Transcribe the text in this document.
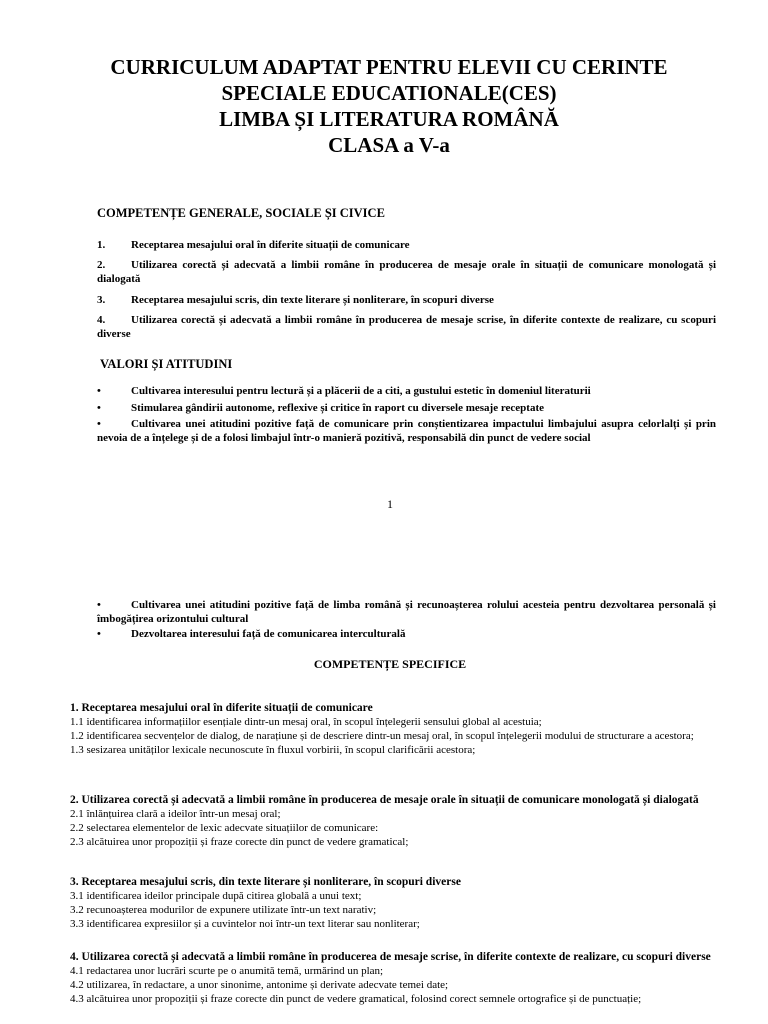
CURRICULUM ADAPTAT PENTRU ELEVII CU CERINTE
SPECIALE EDUCATIONALE(CES)
LIMBA ȘI LITERATURA ROMÂNĂ
CLASA a V-a
COMPETENȚE GENERALE, SOCIALE ȘI CIVICE
1. Receptarea mesajului oral în diferite situații de comunicare
2. Utilizarea corectă și adecvată a limbii române în producerea de mesaje orale în situații de comunicare monologată și dialogată
3. Receptarea mesajului scris, din texte literare și nonliterare, în scopuri diverse
4. Utilizarea corectă și adecvată a limbii române în producerea de mesaje scrise, în diferite contexte de realizare, cu scopuri diverse
VALORI ȘI ATITUDINI
•	Cultivarea interesului pentru lectură și a plăcerii de a citi, a gustului estetic în domeniul literaturii
•	Stimularea gândirii autonome, reflexive și critice în raport cu diversele mesaje receptate
•	Cultivarea unei atitudini pozitive față de comunicare prin conștientizarea impactului limbajului asupra celorlalți și prin nevoia de a înțelege și de a folosi limbajul într-o manieră pozitivă, responsabilă din punct de vedere social
1
•	Cultivarea unei atitudini pozitive față de limba română și recunoașterea rolului acesteia pentru dezvoltarea personală și îmbogățirea orizontului cultural
•	Dezvoltarea interesului față de comunicarea interculturală
COMPETENȚE SPECIFICE
1. Receptarea mesajului oral în diferite situații de comunicare
1.1 identificarea informațiilor esențiale dintr-un mesaj oral, în scopul înțelegerii sensului global al acestuia;
1.2 identificarea secvențelor de dialog, de narațiune și de descriere dintr-un mesaj oral, în scopul înțelegerii modului de structurare a acestora;
1.3 sesizarea unităților lexicale necunoscute în fluxul vorbirii, în scopul clarificării acestora;
2. Utilizarea corectă și adecvată a limbii române în producerea de mesaje orale în situații de comunicare monologată și dialogată
2.1 înlănțuirea clară a ideilor într-un mesaj oral;
2.2 selectarea elementelor de lexic adecvate situațiilor de comunicare:
2.3 alcătuirea unor propoziții și fraze corecte din punct de vedere gramatical;
3. Receptarea mesajului scris, din texte literare și nonliterare, în scopuri diverse
3.1 identificarea ideilor principale după citirea globală a unui text;
3.2 recunoașterea modurilor de expunere utilizate într-un text narativ;
3.3 identificarea expresiilor și a cuvintelor noi într-un text literar sau nonliterar;
4. Utilizarea corectă și adecvată a limbii române în producerea de mesaje scrise, în diferite contexte de realizare, cu scopuri diverse
4.1 redactarea unor lucrări scurte pe o anumită temă, urmărind un plan;
4.2 utilizarea, în redactare, a unor sinonime, antonime și derivate adecvate temei date;
4.3 alcătuirea unor propoziții și fraze corecte din punct de vedere gramatical, folosind corect semnele ortografice și de punctuație;
